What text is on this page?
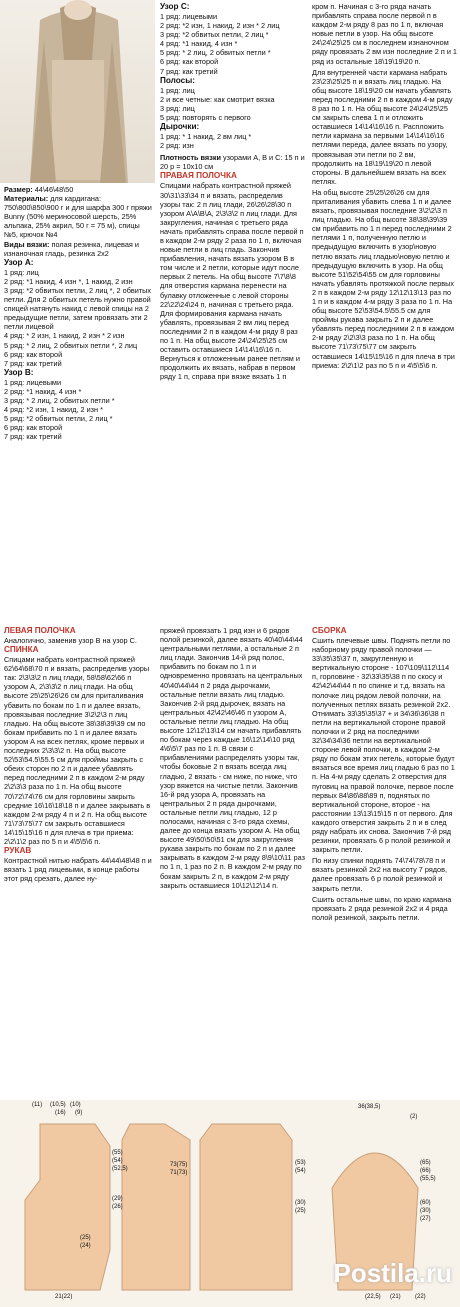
Размер: 44\46\48\50

Материалы: для кардигана: 750\800\850\900 г и для шарфа 300 г пряжи Bunny (50% мериносовой шерсть, 25% альпака, 25% акрил, 50 г = 75 м), спицы №5, крючок №4

Виды вязки: полая резинка, лицевая и изнаночная гладь, резинка 2х2

Узор А:

1 ряд: лиц

2 ряд: *1 накид, 4 изн *, 1 накид, 2 изн

3 ряд: *2 обвитых петли, 2 лиц *, 2 обвитых петли. Для 2 обвитых петель нужно правой спицей натянуть накид с левой спицы на 2 предыдущие петли, затем провязать эти 2 петли лицевой

4 ряд: * 2 изн, 1 накид, 2 изн * 2 изн

5 ряд: * 2 лиц, 2 обвитых петли *, 2 лиц

6 ряд: как второй

7 ряд: как третий

Узор В:

1 ряд: лицевыми

2 ряд: *1 накид, 4 изн *

3 ряд: * 2 лиц, 2 обвитых петли *

4 ряд: *2 изн, 1 накид, 2 изн *

5 ряд: *2 обвитых петли, 2 лиц *

6 ряд: как второй

7 ряд: как третий

Узор С:

1 ряд: лицевыми

2 ряд: *2 изн, 1 накид, 2 изн * 2 лиц

3 ряд: *2 обвитых петли, 2 лиц *

4 ряд: *1 накид, 4 изн *

5 ряд: * 2 лиц, 2 обвитых петли *

6 ряд: как второй

7 ряд: как третий

Полосы:

1 ряд: лиц

2 и все четные: как смотрит вязка

3 ряд: лиц

5 ряд: повторять с первого

Дырочки:

1 ряд: * 1 накид, 2 вм лиц *

2 ряд: изн

Плотность вязки узорами А, В и С: 15 п и 20 р = 10х10 см

ПРАВАЯ ПОЛОЧКА

Спицами набрать контрастной пряжей 30\31\33\34 п и вязать, распределив узоры так: 2 п лиц глади, 26\26\28\30 п узором А\А\В\А, 2\3\3\2 п лиц глади. Для закругления, начиная с третьего ряда начать прибавлять справа после первой п в каждом 2-м ряду 2 раза по 1 п, включая новые петли в лиц гладь. Закончив прибавления, начать вязать узором В в том числе и 2 петли, которые идут после первых 2 петель. На общ высоте 7\7\8\8 для отверстия кармана перенести на булавку отложенные с левой стороны 22\22\24\24 п, начиная с третьего ряда. Для формирования кармана начать убавлять, провязывая 2 вм лиц перед последними 2 п в каждом 4-м ряду 8 раз по 1 п. На общ высоте 24\24\25\25 см оставить оставшиеся 14\14\16\16 п. Вернуться к отложенным ранее петлям и продолжить их вязать, набрав в первом ряду 1 п, справа при вязке вязать 1 п

кром п. Начиная с 3-го ряда начать прибавлять справа после первой п в каждом 2-м ряду 8 раз по 1 п, включая новые петли в узор. На общ высоте 24\24\25\25 см в последнем изнаночном ряду провязать 2 вм изн последние 2 п и 1 ряд из остальные 18\19\19\20 п.

Для внутренней части кармана набрать 23\23\25\25 п и вязать лиц гладью. На общ высоте 18\19\20 см начать убавлять перед последними 2 п в каждом 4-м ряду 8 раз по 1 п. На общ высоте 24\24\25\25 см закрыть слева 1 п и отложить оставшиеся 14\14\16\16 п. Распложить петли кармана за первыми 14\14\16\16 петлями переда, далее вязать по узору, провязывая эти петли по 2 вм, продолжить на 18\19\19\20 п левой стороны. В дальнейшем вязать на всех петлях.

На общ высоте 25\25\26\26 см для приталивания убавить слева 1 п и далее вязать, провязывая последние 3\2\2\3 п лиц гладью. На общ высоте 38\38\39\39 см прибавить по 1 п перед последними 2 петлями 1 п, полученную петлю и предыдущую включить в узор\новую петлю вязать лиц гладью\новую петлю и предыдущую включить в узор. На общ высоте 51\52\54\55 см для горловины начать убавлять протяжкой после первых 2 п в каждом 2-м ряду 12\12\13\13 раз по 1 п и в каждом 4-м ряду 3 раза по 1 п. На общ высоте 52\53\54.5\55.5 см для проймы рукава закрыть 2 п и далее убавлять перед последними 2 п в каждом 2-м ряду 2\2\3\3 раза по 1 п. На общ высоте 71\73\75\77 см закрыть оставшиеся 14\15\15\16 п для плеча в три приема: 2\2\1\2 раз по 5 п и 4\5\5\6 п.

ЛЕВАЯ ПОЛОЧКА

Аналогично, заменив узор В на узор С.

СПИНКА

Спицами набрать контрастной пряжей 62\64\68\70 п и вязать, распределив узоры так: 2\3\3\2 п лиц глади, 58\58\62\66 п узором А, 2\3\3\2 п лиц глади. На общ высоте 25\25\26\26 см для приталивания убавить по бокам по 1 п и далее вязать, провязывая последние 3\2\2\3 п лиц гладью. На общ высоте 38\38\39\39 см по бокам прибавить по 1 п и далее вязать узором А на всех петлях, кроме первых и последних 2\3\3\2 п. На общ высоте 52\53\54.5\55.5 см для проймы закрыть с обеих сторон по 2 п и далее убавлять перед последними 2 п в каждом 2-м ряду 2\2\3\3 раза по 1 п. На общ высоте 70\72\74\76 см для горловины закрыть средние 16\16\18\18 п и далее закрывать в каждом 2-м ряду 4 п и 2 п. На общ высоте 71\73\75\77 см закрыть оставшиеся 14\15\15\16 п для плеча в три приема: 2\2\1\2 раз по 5 п и 4\5\5\6 п.

РУКАВ

Контрастной нитью набрать 44\44\48\48 п и вязать 1 ряд лицевыми, в конце работы этот ряд срезать, далее ну-

пряжей провязать 1 ряд изн и 6 рядов полой резинкой, далее вязать 40\40\44\44 центральными петлями, а остальные 2 п лиц глади. Закончив 14-й ряд полос, прибавить по бокам по 1 п и одновременно провязать на центральных 40\40\44\44 п 2 ряда дырочками, остальные петли вязать лиц гладью. Закончив 2-й ряд дырочек, вязать на центральных 42\42\46\46 п узором А, остальные петли лиц гладью. На общ высоте 12\12\13\14 см начать прибавлять по бокам через каждые 16\12\14\10 ряд 4\6\5\7 раз по 1 п. В связи с прибавлениями распределять узоры так, чтобы боковые 2 п вязать всегда лиц гладью, 2 вязать - см ниже, по ниже, что узор вяжется на чистые петли. Закончив 16-й ряд узора А, провязать на центральных 2 п ряда дырочками, остальные петли лиц гладью, 12 р полосами, начиная с 3-го ряда схемы, далее до конца вязать узором А. На общ высоте 49\50\50\51 см для закругления рукава закрыть по бокам по 2 п и далее закрывать в каждом 2-м ряду 8\9\10\11 раз по 1 п, 1 раз по 2 п. В каждом 2-м ряду по бокам закрыть 2 п, в каждом 2-м ряду закрыть оставшиеся 10\12\12\14 п.

СБОРКА

Сшить плечевые швы. Поднять петли по наборному ряду правой полочки — 33\35\35\37 п, закругленную и вертикальную стороне - 107\109\112\114 п, горловине - 32\33\35\38 п по скосу и 42\42\44\44 п по спинке и т.д. вязать на полочке лиц рядом левой полочки, на полученных петлях вязать резинкой 2х2. Отнимать 33\35\35\37 + и 34\36\36\38 п петли на вертикальной стороне правой полочки и 2 ряд на последними 32\34\34\36 петли на вертикальной стороне левой полочки, в каждом 2-м ряду по бокам этих петель, которые будут вязаться все время лиц гладью 6 раз по 1 п. На 4-м ряду сделать 2 отверстия для пуговиц на правой полочке, первое после первых 84\86\88\89 п, поднятых по вертикальной стороне, второе - на расстоянии 13\13\15\15 п от первого. Для каждого отверстия закрыть 2 п и в след ряду набрать их снова. Закончив 7-й ряд резинки, провязать 6 р полой резинкой и закрыть петли.

По низу спинки поднять 74\74\78\78 п и вязать резинкой 2х2 на высоту 7 рядов, далее провязать 6 р полой резинкой и закрыть петли.

Сшить остальные швы, по краю кармана провязать 2 ряда резинкой 2х2 и 4 ряда полой резинкой, закрыть петли.

(11) (10,5) (10)
(16) (9)
(55)
(54)
(52,5)
(29)
(26)
(25)
(24)
21(22)
73(75)
71(73)
(53)
(54)
(30)
(25)
36(38,5)
(2)
(65)
(66)
(55,5)
(60)
(30)
(27)
(22,5) (21) (22)
Postila.ru
